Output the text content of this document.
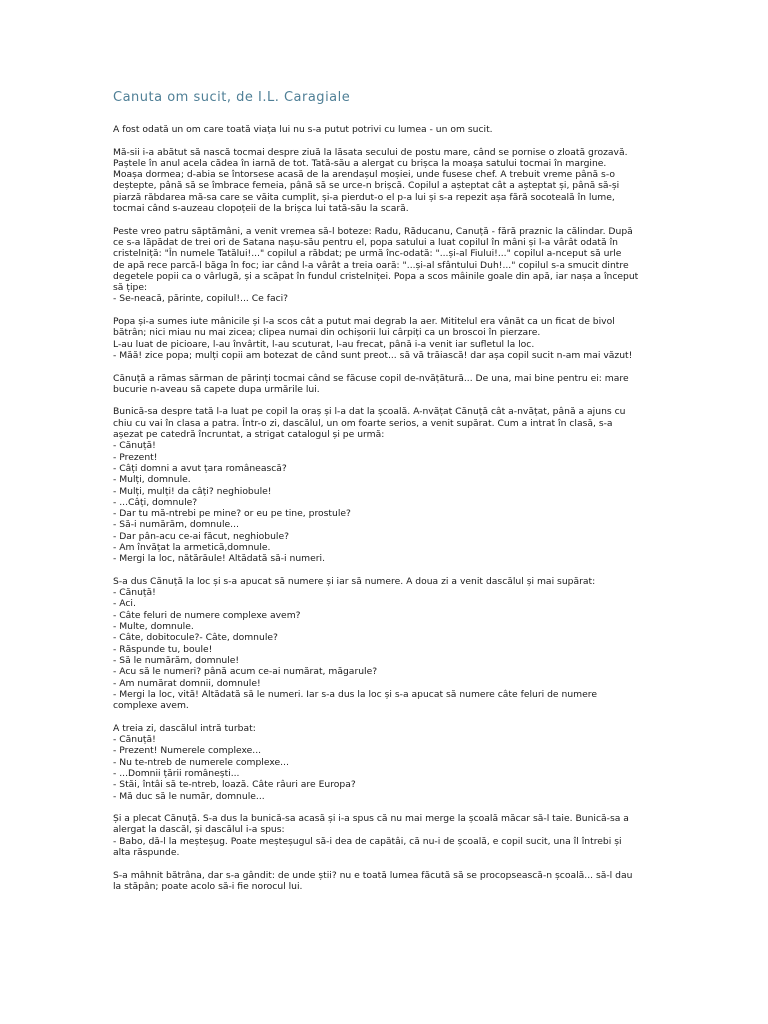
Canuta om sucit, de I.L. Caragiale

A fost odată un om care toată viața lui nu s-a putut potrivi cu lumea - un om sucit.

Mă-sii i-a abătut să nască tocmai despre ziuă la lăsata secului de postu mare, când se pornise o zloată grozavă.
Paștele în anul acela cădea în iarnă de tot. Tată-său a alergat cu brișca la moașa satului tocmai în margine.
Moașa dormea; d-abia se întorsese acasă de la arendașul moșiei, unde fusese chef. A trebuit vreme până s-o
deștepte, până să se îmbrace femeia, până să se urce-n brișcă. Copilul a așteptat cât a așteptat și, până să-și
piarză răbdarea mă-sa care se văita cumplit, și-a pierdut-o el p-a lui și s-a repezit așa fără socoteală în lume,
tocmai când s-auzeau clopoțeii de la brișca lui tată-său la scară.

Peste vreo patru săptămâni, a venit vremea să-l boteze: Radu, Răducanu, Canuță - fără praznic la călindar. După
ce s-a lăpădat de trei ori de Satana nașu-său pentru el, popa satului a luat copilul în mâni și l-a vârât odată în
cristelniță: "În numele Tatălui!..." copilul a răbdat; pe urmă înc-odată: "...și-al Fiului!..." copilul a-nceput să urle
de apă rece parcă-l băga în foc; iar când l-a vârât a treia oară: "...și-al sfântului Duh!..." copilul s-a smucit dintre
degetele popii ca o vârlugă, și a scăpat în fundul cristelniței. Popa a scos mâinile goale din apă, iar nașa a început
să țipe:
- Se-neacă, părinte, copilul!... Ce faci?

Popa și-a sumes iute mânicile și l-a scos cât a putut mai degrab la aer. Mititelul era vânăt ca un ficat de bivol
bătrân; nici miau nu mai zicea; clipea numai din ochișorii lui cârpiți ca un broscoi în pierzare.
L-au luat de picioare, l-au învârtit, l-au scuturat, l-au frecat, până i-a venit iar sufletul la loc.
- Măă! zice popa; mulți copii am botezat de când sunt preot... să vă trăiască! dar așa copil sucit n-am mai văzut!

Cănuță a rămas sărman de părinți tocmai când se făcuse copil de-nvățătură... De una, mai bine pentru ei: mare
bucurie n-aveau să capete dupa urmările lui.

Bunică-sa despre tată l-a luat pe copil la oraș și l-a dat la școală. A-nvățat Cănuță cât a-nvățat, până a ajuns cu
chiu cu vai în clasa a patra. Într-o zi, dascălul, un om foarte serios, a venit supărat. Cum a intrat în clasă, s-a
așezat pe catedră încruntat, a strigat catalogul și pe urmă:
- Cănuță!
- Prezent!
- Câți domni a avut țara românească?
- Mulți, domnule.
- Mulți, mulți! da câți? neghiobule!
- ...Câți, domnule?
- Dar tu mă-ntrebi pe mine? or eu pe tine, prostule?
- Să-i numărăm, domnule...
- Dar pân-acu ce-ai făcut, neghiobule?
- Am învățat la armetică,domnule.
- Mergi la loc, nătărăule! Altădată să-i numeri.

S-a dus Cănuță la loc și s-a apucat să numere și iar să numere. A doua zi a venit dascălul și mai supărat:
- Cănuță!
- Aci.
- Câte feluri de numere complexe avem?
- Multe, domnule.
- Câte, dobitocule?- Câte, domnule?
- Răspunde tu, boule!
- Să le numărăm, domnule!
- Acu să le numeri? până acum ce-ai numărat, măgarule?
- Am numărat domnii, domnule!
- Mergi la loc, vită! Altădată să le numeri. Iar s-a dus la loc și s-a apucat să numere câte feluri de numere
complexe avem.

A treia zi, dascălul intră turbat:
- Cănuță!
- Prezent! Numerele complexe...
- Nu te-ntreb de numerele complexe...
- ...Domnii țării românești...
- Stăi, întâi să te-ntreb, loază. Câte râuri are Europa?
- Mă duc să le număr, domnule...

Și a plecat Cănuță. S-a dus la bunică-sa acasă și i-a spus că nu mai merge la școală măcar să-l taie. Bunică-sa a
alergat la dascăl, și dascălul i-a spus:
- Babo, dă-l la meșteșug. Poate meșteșugul să-i dea de capătâi, că nu-i de școală, e copil sucit, una îl întrebi și
alta răspunde.

S-a mâhnit bătrâna, dar s-a gândit: de unde știi? nu e toată lumea făcută să se procopsească-n școală... să-l dau
la stăpân; poate acolo să-i fie norocul lui.
